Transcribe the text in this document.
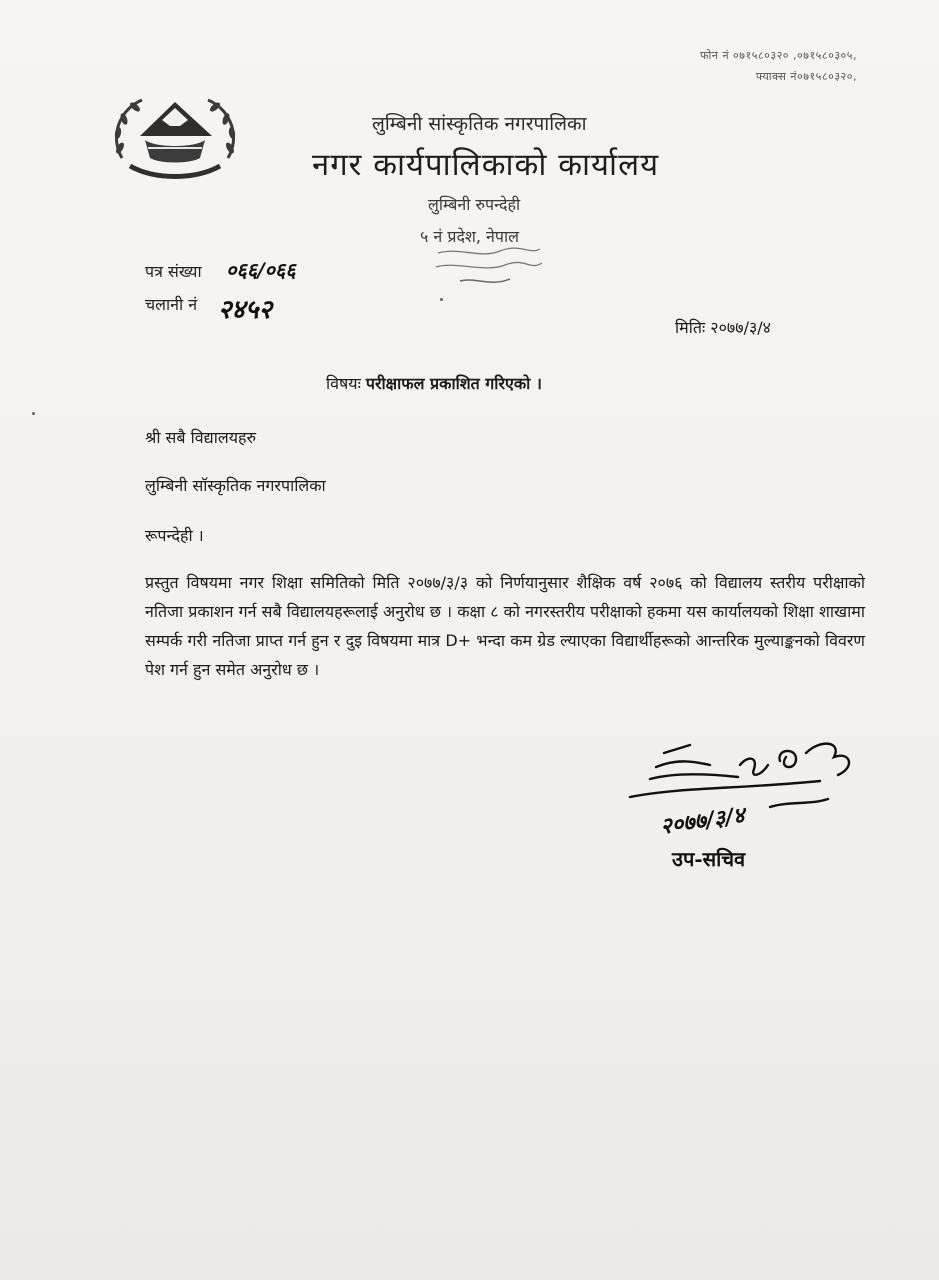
फोन नं ०७१५८०३२० ,०७१५८०३०५,
फ्याक्स नं०७१५८०३२०,
लुम्बिनी सांस्कृतिक नगरपालिका
नगर कार्यपालिकाको कार्यालय
लुम्बिनी रुपन्देही
५ नं प्रदेश, नेपाल
पत्र संख्या ०६६/०६६
चलानी नं २४५२
मितिः २०७७/३/४
विषयः परीक्षाफल प्रकाशित गरिएको ।
श्री सबै विद्यालयहरु
लुम्बिनी सॉस्कृतिक नगरपालिका
रूपन्देही ।
प्रस्तुत विषयमा नगर शिक्षा समितिको मिति २०७७/३/३ को निर्णयानुसार शैक्षिक वर्ष २०७६ को विद्यालय स्तरीय परीक्षाको नतिजा प्रकाशन गर्न सबै विद्यालयहरूलाई अनुरोध छ । कक्षा ८ को नगरस्तरीय परीक्षाको हकमा यस कार्यालयको शिक्षा शाखामा सम्पर्क गरी नतिजा प्राप्त गर्न हुन र दुइ विषयमा मात्र D+ भन्दा कम ग्रेड ल्याएका विद्यार्थीहरूको आन्तरिक मुल्याङ्कनको विवरण पेश गर्न हुन समेत अनुरोध छ ।
२०७७/३/४
उप-सचिव
